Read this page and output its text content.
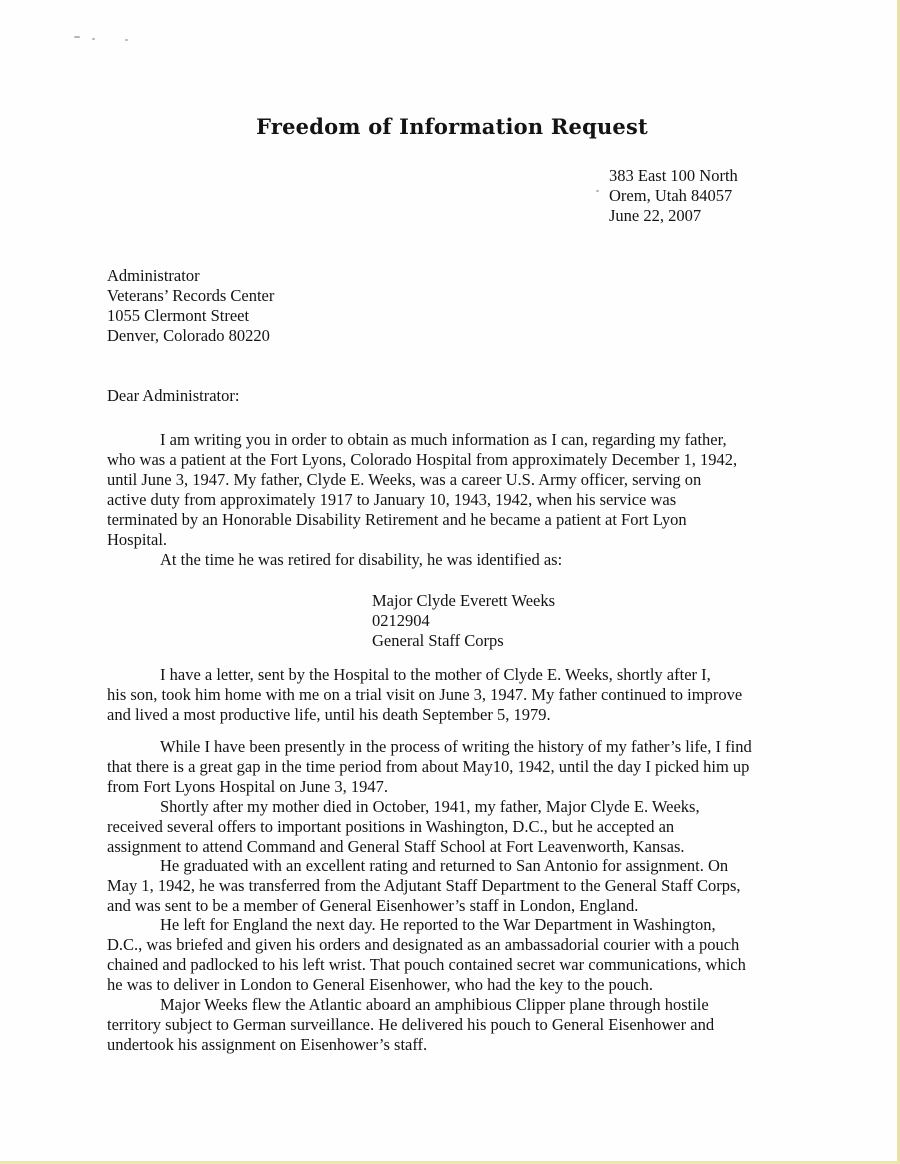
Freedom of Information Request
383 East 100 North
Orem, Utah 84057
June 22, 2007
Administrator
Veterans’ Records Center
1055 Clermont Street
Denver, Colorado 80220
Dear Administrator:
I am writing you in order to obtain as much information as I can, regarding my father,
who was a patient at the Fort Lyons, Colorado Hospital from approximately December 1, 1942,
until June 3, 1947. My father, Clyde E. Weeks, was a career U.S. Army officer, serving on
active duty from approximately 1917 to January 10, 1943, 1942, when his service was
terminated by an Honorable Disability Retirement and he became a patient at Fort Lyon
Hospital.
At the time he was retired for disability, he was identified as:
Major Clyde Everett Weeks
0212904
General Staff Corps
I have a letter, sent by the Hospital to the mother of Clyde E. Weeks, shortly after I,
his son, took him home with me on a trial visit on June 3, 1947. My father continued to improve
and lived a most productive life, until his death September 5, 1979.
While I have been presently in the process of writing the history of my father’s life, I find
that there is a great gap in the time period from about May10, 1942, until the day I picked him up
from Fort Lyons Hospital on June 3, 1947.
Shortly after my mother died in October, 1941, my father, Major Clyde E. Weeks,
received several offers to important positions in Washington, D.C., but he accepted an
assignment to attend Command and General Staff School at Fort Leavenworth, Kansas.
He graduated with an excellent rating and returned to San Antonio for assignment. On
May 1, 1942, he was transferred from the Adjutant Staff Department to the General Staff Corps,
and was sent to be a member of General Eisenhower’s staff in London, England.
He left for England the next day. He reported to the War Department in Washington,
D.C., was briefed and given his orders and designated as an ambassadorial courier with a pouch
chained and padlocked to his left wrist. That pouch contained secret war communications, which
he was to deliver in London to General Eisenhower, who had the key to the pouch.
Major Weeks flew the Atlantic aboard an amphibious Clipper plane through hostile
territory subject to German surveillance. He delivered his pouch to General Eisenhower and
undertook his assignment on Eisenhower’s staff.
